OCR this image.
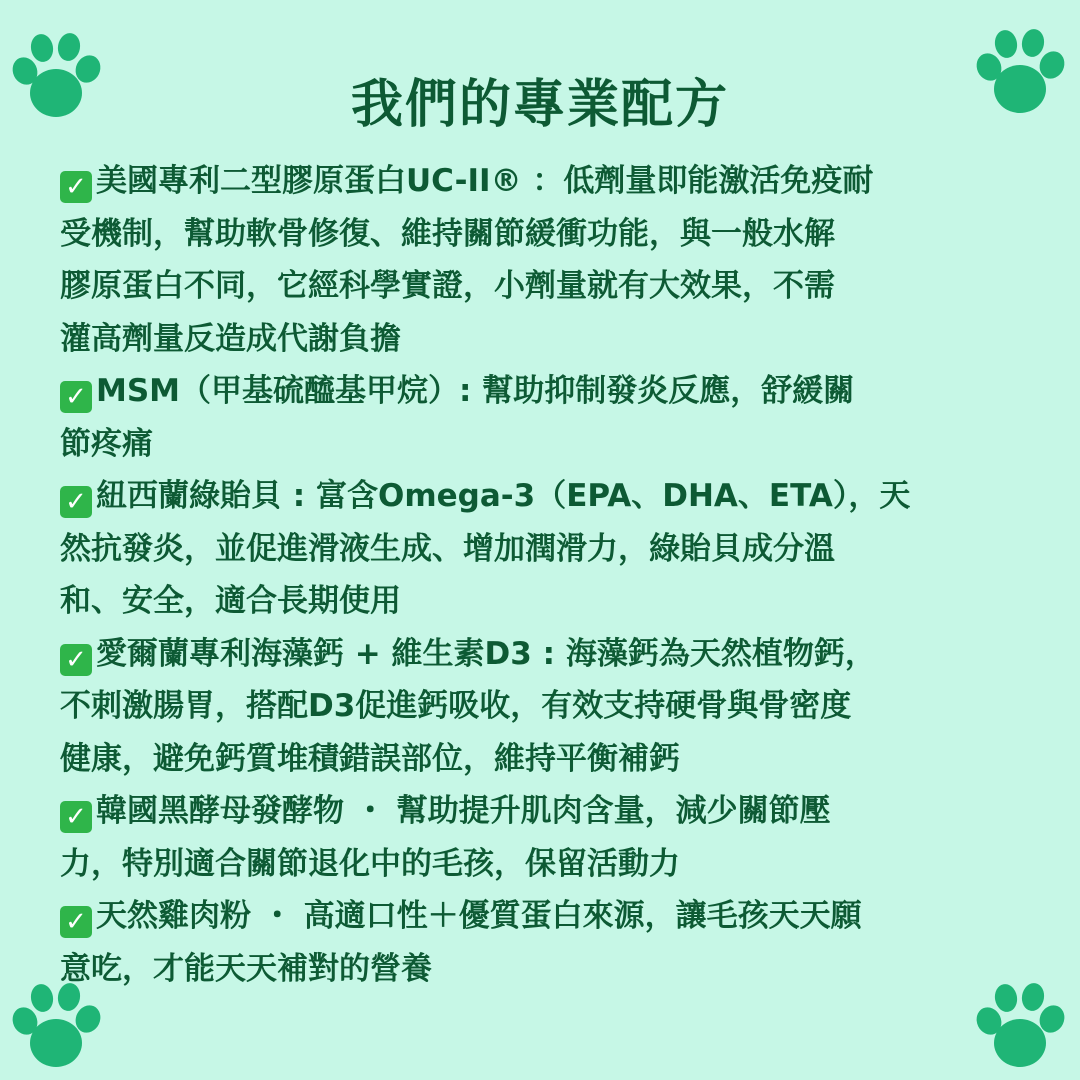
我們的專業配方
✓ 美國專利二型膠原蛋白UC-II® ：低劑量即能激活免疫耐
受機制，幫助軟骨修復、維持關節緩衝功能，與一般水解
膠原蛋白不同，它經科學實證，小劑量就有大效果，不需
灌高劑量反造成代謝負擔
✓ MSM（甲基硫醯基甲烷）: 幫助抑制發炎反應，舒緩關
節疼痛
✓ 紐西蘭綠貽貝 : 富含Omega-3（EPA、DHA、ETA），天
然抗發炎，並促進滑液生成、增加潤滑力，綠貽貝成分溫
和、安全，適合長期使用
✓ 愛爾蘭專利海藻鈣 + 維生素D3 : 海藻鈣為天然植物鈣，
不刺激腸胃，搭配D3促進鈣吸收，有效支持硬骨與骨密度
健康，避免鈣質堆積錯誤部位，維持平衡補鈣
✓ 韓國黑酵母發酵物 ・ 幫助提升肌肉含量，減少關節壓
力，特別適合關節退化中的毛孩，保留活動力
✓ 天然雞肉粉 ・ 高適口性＋優質蛋白來源，讓毛孩天天願
意吃，才能天天補對的營養
